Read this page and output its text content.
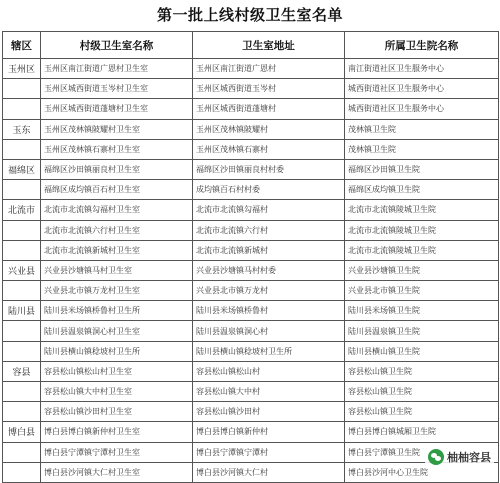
第一批上线村级卫生室名单
辖区	村级卫生室名称	卫生室地址	所属卫生院名称
玉州区	玉州区南江街道广恩村卫生室	玉州区南江街道广恩村	南江街道社区卫生服务中心
	玉州区城西街道玉岑村卫生室	玉州区城西街道玉岑村	城西街道社区卫生服务中心
	玉州区城西街道蓬塘村卫生室	玉州区城西街道蓬塘村	城西街道社区卫生服务中心
玉东	玉州区茂林镇陂耀村卫生室	玉州区茂林镇陂耀村	茂林镇卫生院
	玉州区茂林镇石寨村卫生室	玉州区茂林镇石寨村	茂林镇卫生院
福绵区	福绵区沙田镇丽良村卫生室	福绵区沙田镇丽良村村委	福绵区沙田镇卫生院
	福绵区成均镇百石村卫生室	成均镇百石村村委	福绵区成均镇卫生院
北流市	北流市北流镇勾福村卫生室	北流市北流镇勾福村	北流市北流镇陵城卫生院
	北流市北流镇六行村卫生室	北流市北流镇六行村	北流市北流镇陵城卫生院
	北流市北流镇新城村卫生室	北流市北流镇新城村	北流市北流镇陵城卫生院
兴业县	兴业县沙塘镇马村卫生室	兴业县沙塘镇马村村委	兴业县沙塘镇卫生院
	兴业县北市镇万龙村卫生室	兴业县北市镇万龙村	兴业县北市镇卫生院
陆川县	陆川县米场镇桥鲁村卫生所	陆川县米场镇桥鲁村	陆川县米场镇卫生院
	陆川县温泉镇洞心村卫生室	陆川县温泉镇洞心村	陆川县温泉镇卫生院
	陆川县横山镇稔坡村卫生所	陆川县横山镇稔坡村卫生所	陆川县横山镇卫生院
容县	容县松山镇松山村卫生室	容县松山镇松山村	容县松山镇卫生院
	容县松山镇大中村卫生室	容县松山镇大中村	容县松山镇卫生院
	容县松山镇沙田村卫生室	容县松山镇沙田村	容县松山镇卫生院
博白县	博白县博白镇新仲村卫生室	博白县博白镇新仲村	博白县博白镇城厢卫生院
	博白县宁潭镇宁潭村卫生室	博白县宁潭镇宁潭村	博白县宁潭镇卫生院
	博白县沙河镇大仁村卫生室	博白县沙河镇大仁村	博白县沙河中心卫生院
柚柚容县
